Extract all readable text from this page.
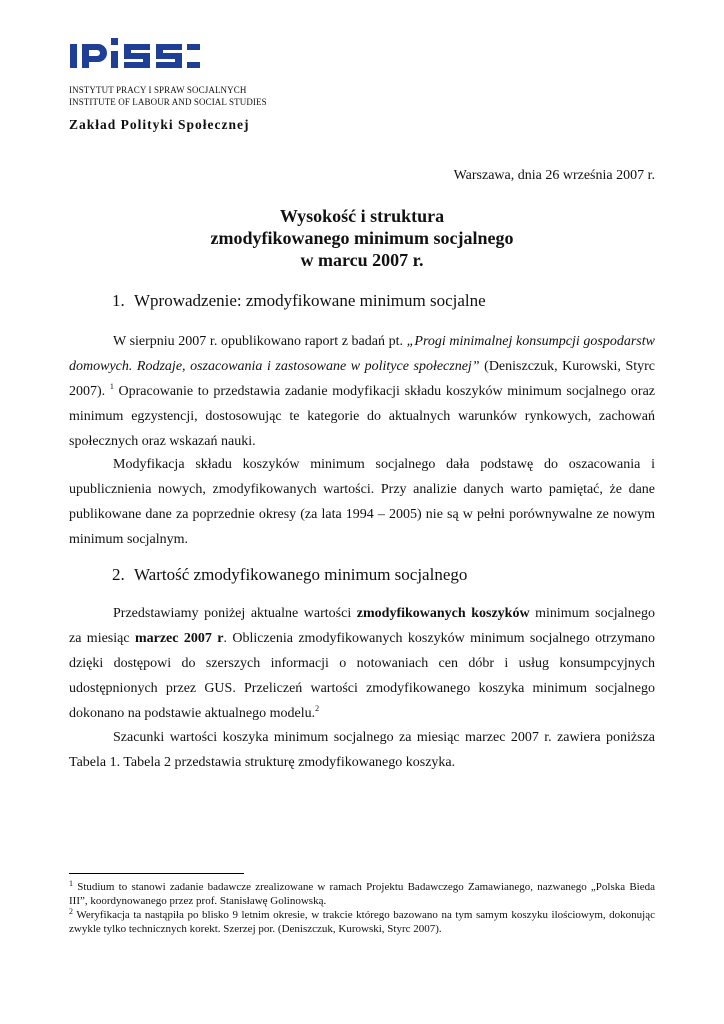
INSTYTUT PRACY I SPRAW SOCJALNYCH
INSTITUTE OF LABOUR AND SOCIAL STUDIES
Zakład Polityki Społecznej
Warszawa, dnia 26 września 2007 r.
Wysokość i struktura
zmodyfikowanego minimum socjalnego
w marcu 2007 r.
1. Wprowadzenie: zmodyfikowane minimum socjalne

W sierpniu 2007 r. opublikowano raport z badań pt. „Progi minimalnej konsumpcji gospodarstw domowych. Rodzaje, oszacowania i zastosowane w polityce społecznej” (Deniszczuk, Kurowski, Styrc 2007). $^1$ Opracowanie to przedstawia zadanie modyfikacji składu koszyków minimum socjalnego oraz minimum egzystencji, dostosowując te kategorie do aktualnych warunków rynkowych, zachowań społecznych oraz wskazań nauki.

Modyfikacja składu koszyków minimum socjalnego dała podstawę do oszacowania i upublicznienia nowych, zmodyfikowanych wartości. Przy analizie danych warto pamiętać, że dane publikowane dane za poprzednie okresy (za lata 1994 – 2005) nie są w pełni porównywalne ze nowym minimum socjalnym.

2. Wartość zmodyfikowanego minimum socjalnego

Przedstawiamy poniżej aktualne wartości zmodyfikowanych koszyków minimum socjalnego za miesiąc marzec 2007 r. Obliczenia zmodyfikowanych koszyków minimum socjalnego otrzymano dzięki dostępowi do szerszych informacji o notowaniach cen dóbr i usług konsumpcyjnych udostępnionych przez GUS. Przeliczeń wartości zmodyfikowanego koszyka minimum socjalnego dokonano na podstawie aktualnego modelu.$^2$

Szacunki wartości koszyka minimum socjalnego za miesiąc marzec 2007 r. zawiera poniższa Tabela 1. Tabela 2 przedstawia strukturę zmodyfikowanego koszyka.

$^1$ Studium to stanowi zadanie badawcze zrealizowane w ramach Projektu Badawczego Zamawianego, nazwanego „Polska Bieda III”, koordynowanego przez prof. Stanisławę Golinowską.

$^2$ Weryfikacja ta nastąpiła po blisko 9 letnim okresie, w trakcie którego bazowano na tym samym koszyku ilościowym, dokonując zwykle tylko technicznych korekt. Szerzej por. (Deniszczuk, Kurowski, Styrc 2007).
